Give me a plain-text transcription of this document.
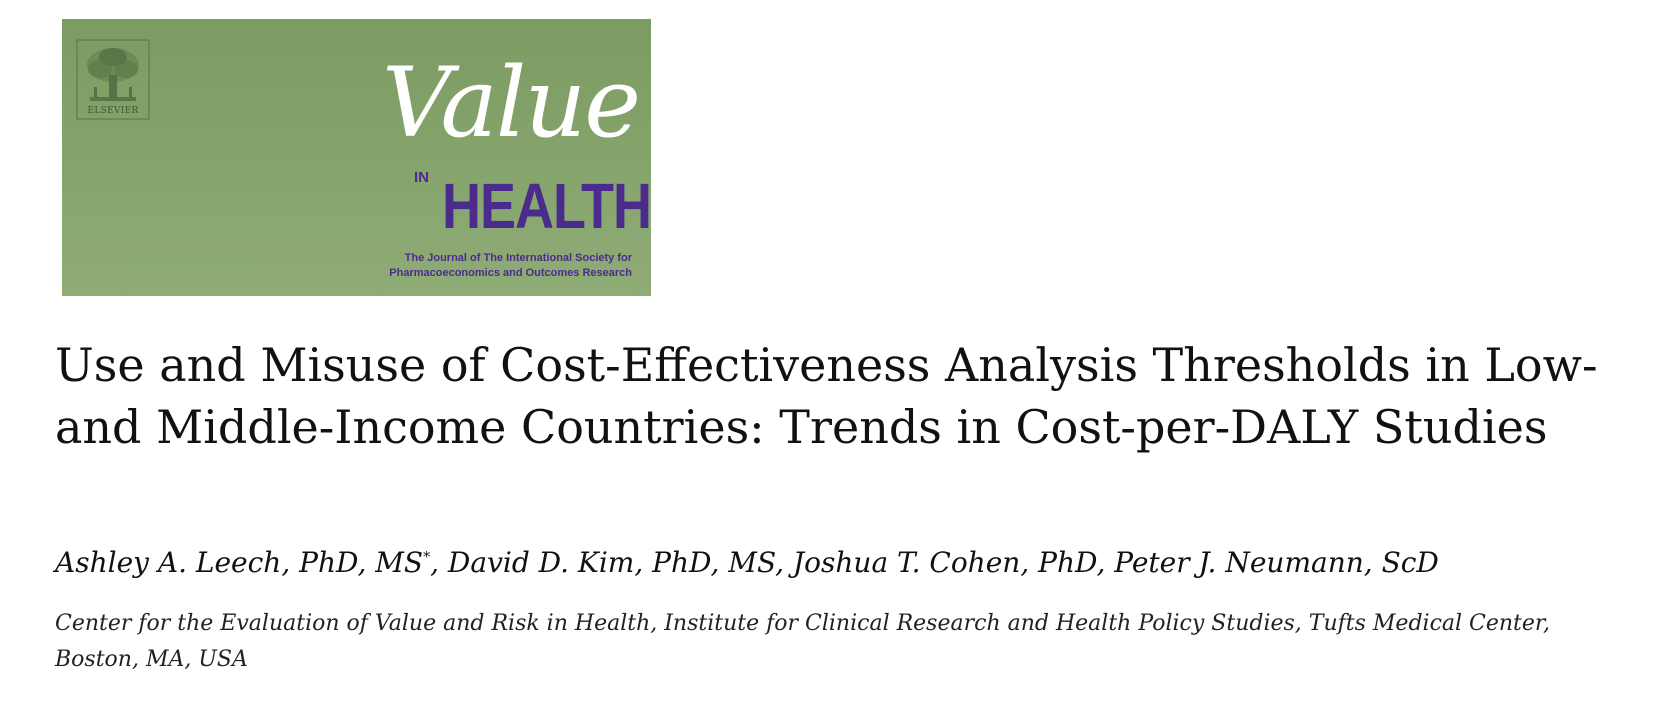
ELSEVIER	Value
IN HEALTH
The Journal of The International Society for
Pharmacoeconomics and Outcomes Research
Use and Misuse of Cost-Effectiveness Analysis Thresholds in Low- and Middle-Income Countries: Trends in Cost-per-DALY Studies

Ashley A. Leech, PhD, MS*, David D. Kim, PhD, MS, Joshua T. Cohen, PhD, Peter J. Neumann, ScD

Center for the Evaluation of Value and Risk in Health, Institute for Clinical Research and Health Policy Studies, Tufts Medical Center, Boston, MA, USA
